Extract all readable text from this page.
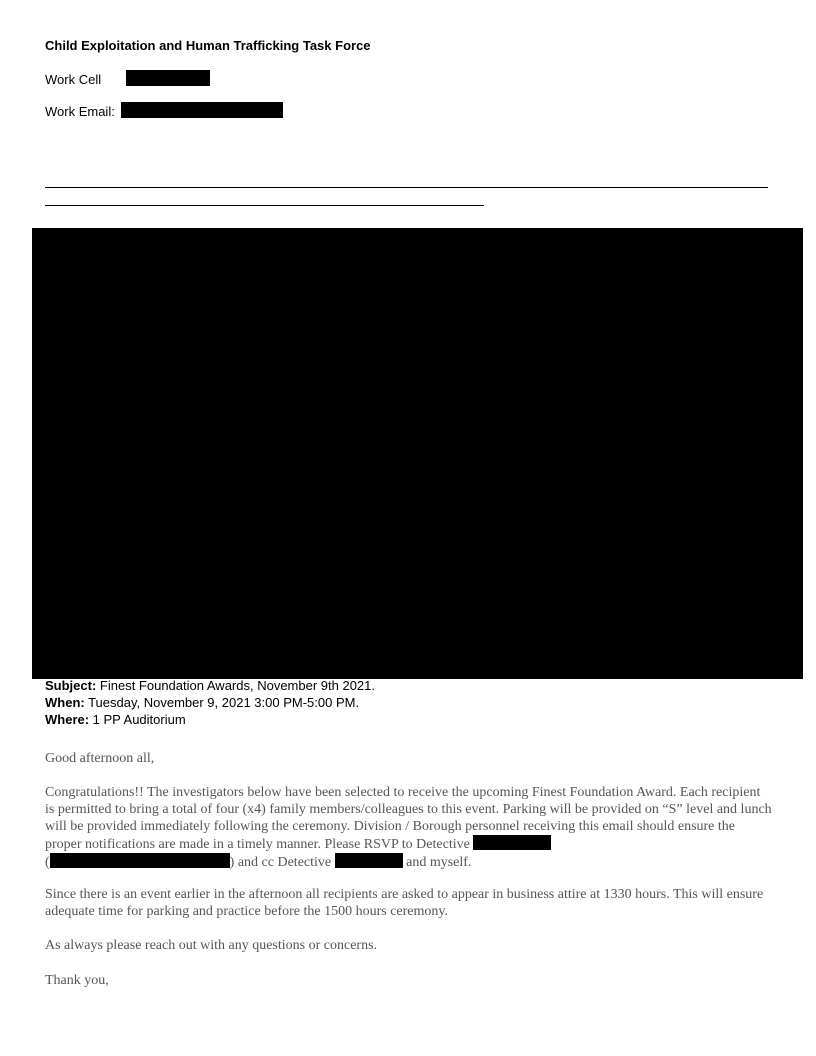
Child Exploitation and Human Trafficking Task Force
Work Cell
Work Email:
Subject: Finest Foundation Awards, November 9th 2021.
When: Tuesday, November 9, 2021 3:00 PM-5:00 PM.
Where: 1 PP Auditorium
Good afternoon all,

Congratulations!! The investigators below have been selected to receive the upcoming Finest Foundation Award. Each recipient is permitted to bring a total of four (x4) family members/colleagues to this event. Parking will be provided on “S” level and lunch will be provided immediately following the ceremony. Division / Borough personnel receiving this email should ensure the proper notifications are made in a timely manner. Please RSVP to Detective
(	) and cc Detective	and myself.

Since there is an event earlier in the afternoon all recipients are asked to appear in business attire at 1330 hours. This will ensure adequate time for parking and practice before the 1500 hours ceremony.
As always please reach out with any questions or concerns.
Thank you,
